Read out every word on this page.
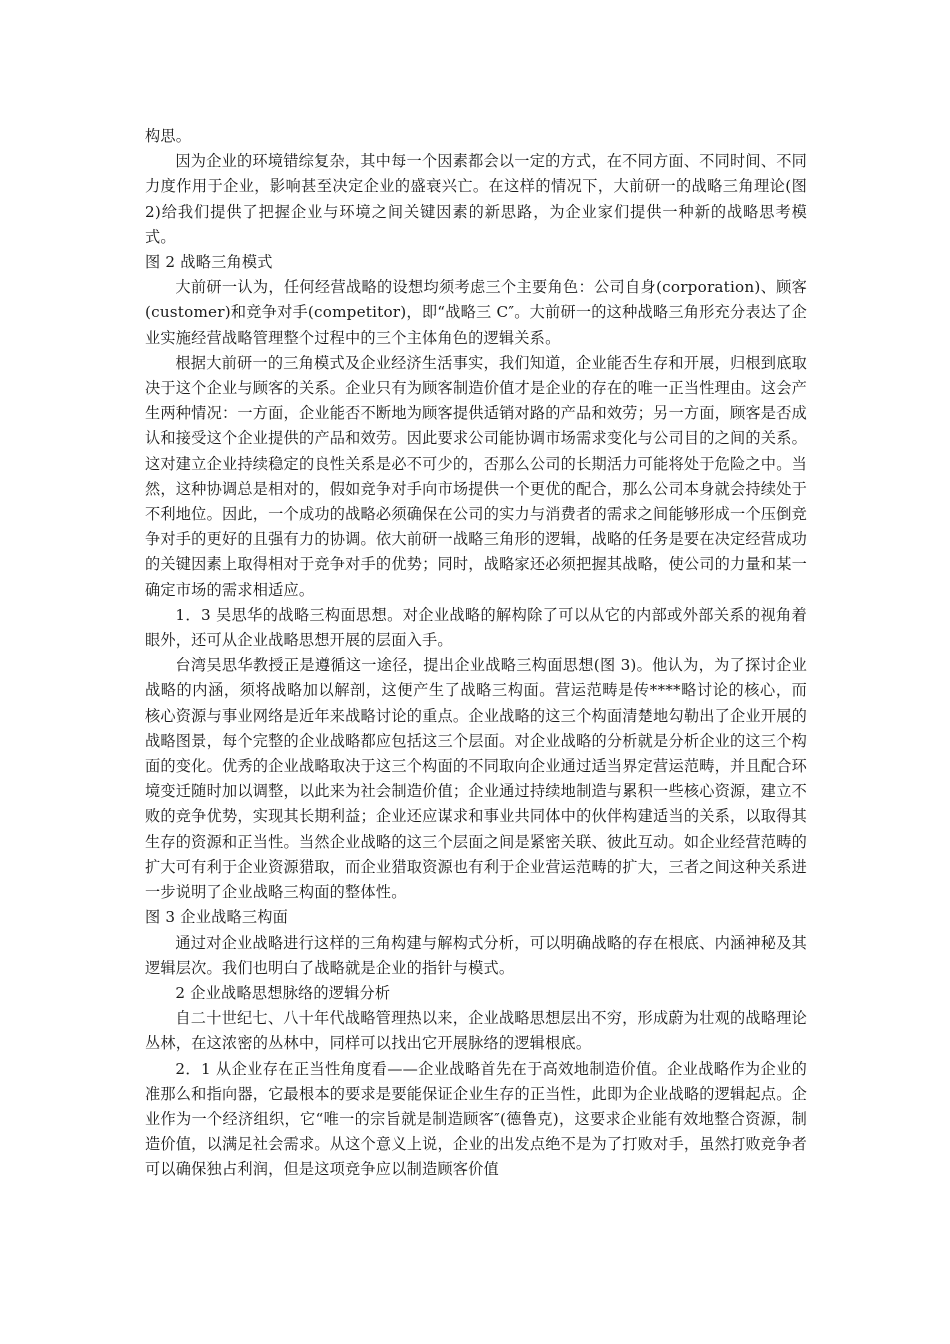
构思。

因为企业的环境错综复杂，其中每一个因素都会以一定的方式，在不同方面、不同时间、不同力度作用于企业，影响甚至决定企业的盛衰兴亡。在这样的情况下，大前研一的战略三角理论(图 2)给我们提供了把握企业与环境之间关键因素的新思路，为企业家们提供一种新的战略思考模式。

图 2 战略三角模式

大前研一认为，任何经营战略的设想均须考虑三个主要角色：公司自身(corporation)、顾客 (customer)和竞争对手(competitor)，即“战略三 C″。大前研一的这种战略三角形充分表达了企业实施经营战略管理整个过程中的三个主体角色的逻辑关系。

根据大前研一的三角模式及企业经济生活事实，我们知道，企业能否生存和开展，归根到底取决于这个企业与顾客的关系。企业只有为顾客制造价值才是企业的存在的唯一正当性理由。这会产生两种情况：一方面，企业能否不断地为顾客提供适销对路的产品和效劳；另一方面，顾客是否成认和接受这个企业提供的产品和效劳。因此要求公司能协调市场需求变化与公司目的之间的关系。这对建立企业持续稳定的良性关系是必不可少的，否那么公司的长期活力可能将处于危险之中。当然，这种协调总是相对的，假如竞争对手向市场提供一个更优的配合，那么公司本身就会持续处于不利地位。因此，一个成功的战略必须确保在公司的实力与消费者的需求之间能够形成一个压倒竞争对手的更好的且强有力的协调。依大前研一战略三角形的逻辑，战略的任务是要在决定经营成功的关键因素上取得相对于竞争对手的优势；同时，战略家还必须把握其战略，使公司的力量和某一确定市场的需求相适应。

1．3 吴思华的战略三构面思想。对企业战略的解构除了可以从它的内部或外部关系的视角着眼外，还可从企业战略思想开展的层面入手。

台湾吴思华教授正是遵循这一途径，提出企业战略三构面思想(图 3)。他认为，为了探讨企业战略的内涵，须将战略加以解剖，这便产生了战略三构面。营运范畴是传****略讨论的核心，而核心资源与事业网络是近年来战略讨论的重点。企业战略的这三个构面清楚地勾勒出了企业开展的战略图景，每个完整的企业战略都应包括这三个层面。对企业战略的分析就是分析企业的这三个构面的变化。优秀的企业战略取决于这三个构面的不同取向企业通过适当界定营运范畴，并且配合环境变迁随时加以调整，以此来为社会制造价值；企业通过持续地制造与累积一些核心资源，建立不败的竞争优势，实现其长期利益；企业还应谋求和事业共同体中的伙伴构建适当的关系，以取得其生存的资源和正当性。当然企业战略的这三个层面之间是紧密关联、彼此互动。如企业经营范畴的扩大可有利于企业资源猎取，而企业猎取资源也有利于企业营运范畴的扩大，三者之间这种关系进一步说明了企业战略三构面的整体性。

图 3 企业战略三构面

通过对企业战略进行这样的三角构建与解构式分析，可以明确战略的存在根底、内涵神秘及其逻辑层次。我们也明白了战略就是企业的指针与模式。

2 企业战略思想脉络的逻辑分析

自二十世纪七、八十年代战略管理热以来，企业战略思想层出不穷，形成蔚为壮观的战略理论丛林，在这浓密的丛林中，同样可以找出它开展脉络的逻辑根底。

2．1 从企业存在正当性角度看——企业战略首先在于高效地制造价值。企业战略作为企业的准那么和指向器，它最根本的要求是要能保证企业生存的正当性，此即为企业战略的逻辑起点。企业作为一个经济组织，它“唯一的宗旨就是制造顾客″(德鲁克)，这要求企业能有效地整合资源，制造价值，以满足社会需求。从这个意义上说，企业的出发点绝不是为了打败对手，虽然打败竞争者可以确保独占利润，但是这项竞争应以制造顾客价值
